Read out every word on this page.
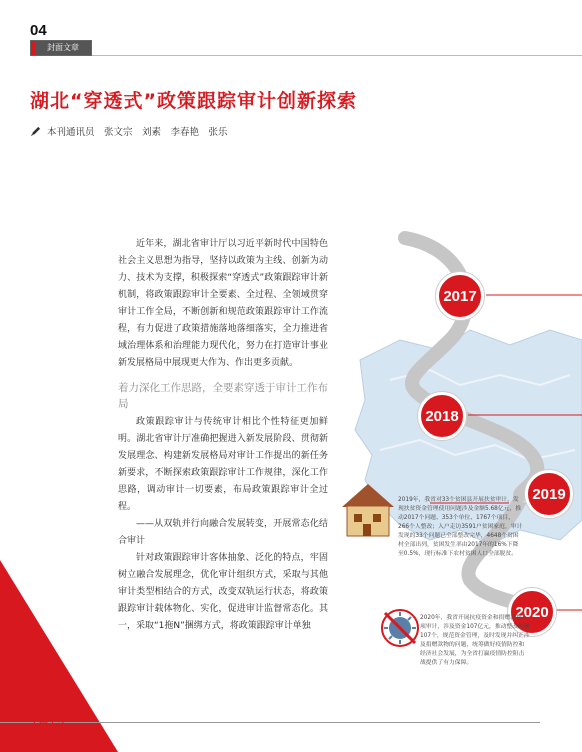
04
封面文章
湖北“穿透式”政策跟踪审计创新探索
本刊通讯员　张文宗　刘素　李春艳　张乐

近年来，湖北省审计厅以习近平新时代中国特色社会主义思想为指导，坚持以政策为主线、创新为动力、技术为支撑，积极探索“穿透式”政策跟踪审计新机制，将政策跟踪审计全要素、全过程、全领域贯穿审计工作全局，不断创新和规范政策跟踪审计工作流程，有力促进了政策措施落地落细落实，全力推进省域治理体系和治理能力现代化，努力在打造审计事业新发展格局中展现更大作为、作出更多贡献。

着力深化工作思路，全要素穿透于审计工作布局

政策跟踪审计与传统审计相比个性特征更加鲜明。湖北省审计厅准确把握进入新发展阶段、贯彻新发展理念、构建新发展格局对审计工作提出的新任务新要求，不断探索政策跟踪审计工作规律，深化工作思路，调动审计一切要素，布局政策跟踪审计全过程。

——从双轨并行向融合发展转变，开展常态化结合审计

针对政策跟踪审计客体抽象、泛化的特点，牢固树立融合发展理念，优化审计组织方式，采取与其他审计类型相结合的方式，改变双轨运行状态，将政策跟踪审计载体物化、实化，促进审计监督常态化。其一，采取“1拖N”捆绑方式，将政策跟踪审计单独

2017
2018
2019
2020
2019年，我省对33个贫困县开展扶贫审计，发现扶贫资金管理使用问题涉及金额5.68亿元，推动2017个问题、353个单位、1767个项目、266个人整改；入户走访3591户贫困家庭，审计发现的33个问题已全部整改完毕，4648个贫困村全部出列，贫困发生率由2017年的16%下降至0.5%，现行标准下农村贫困人口全部脱贫。
2020年，我省开展抗疫资金和捐赠款物专项审计，涉及资金107亿元，推动整改问题107个，规范资金管理，及时发现并纠正涉及捐赠款物的问题，统筹做好疫情防控和经济社会发展，为全省打赢疫情防控阻击战提供了有力保障。
中国审计
